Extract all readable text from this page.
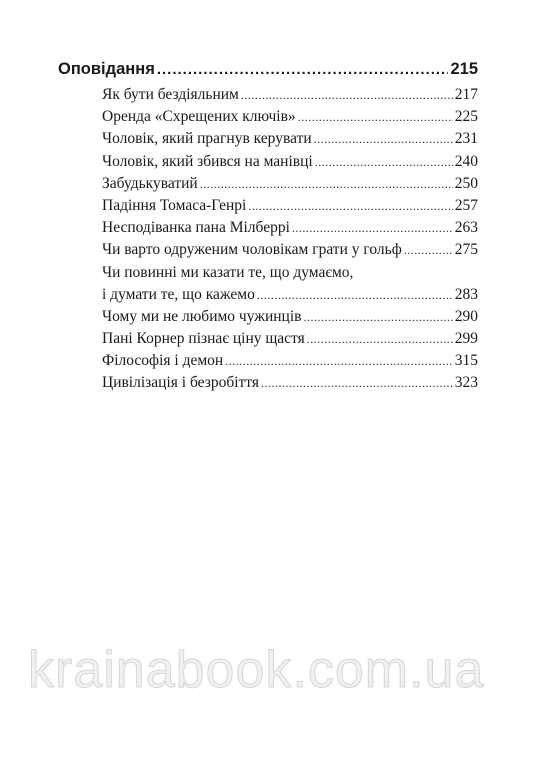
Оповідання .....	215
Як бути бездіяльним .....	217
Оренда «Схрещених ключів» .....	225
Чоловік, який прагнув керувати .....	231
Чоловік, який збився на манівці .....	240
Забудькуватий .....	250
Падіння Томаса-Генрі .....	257
Несподіванка пана Мілберрі .....	263
Чи варто одруженим чоловікам грати у гольф .....	275
Чи повинні ми казати те, що думаємо,
і думати те, що кажемо .....	283
Чому ми не любимо чужинців .....	290
Пані Корнер пізнає ціну щастя .....	299
Філософія і демон .....	315
Цивілізація і безробіття .....	323
krainabook.com.ua
